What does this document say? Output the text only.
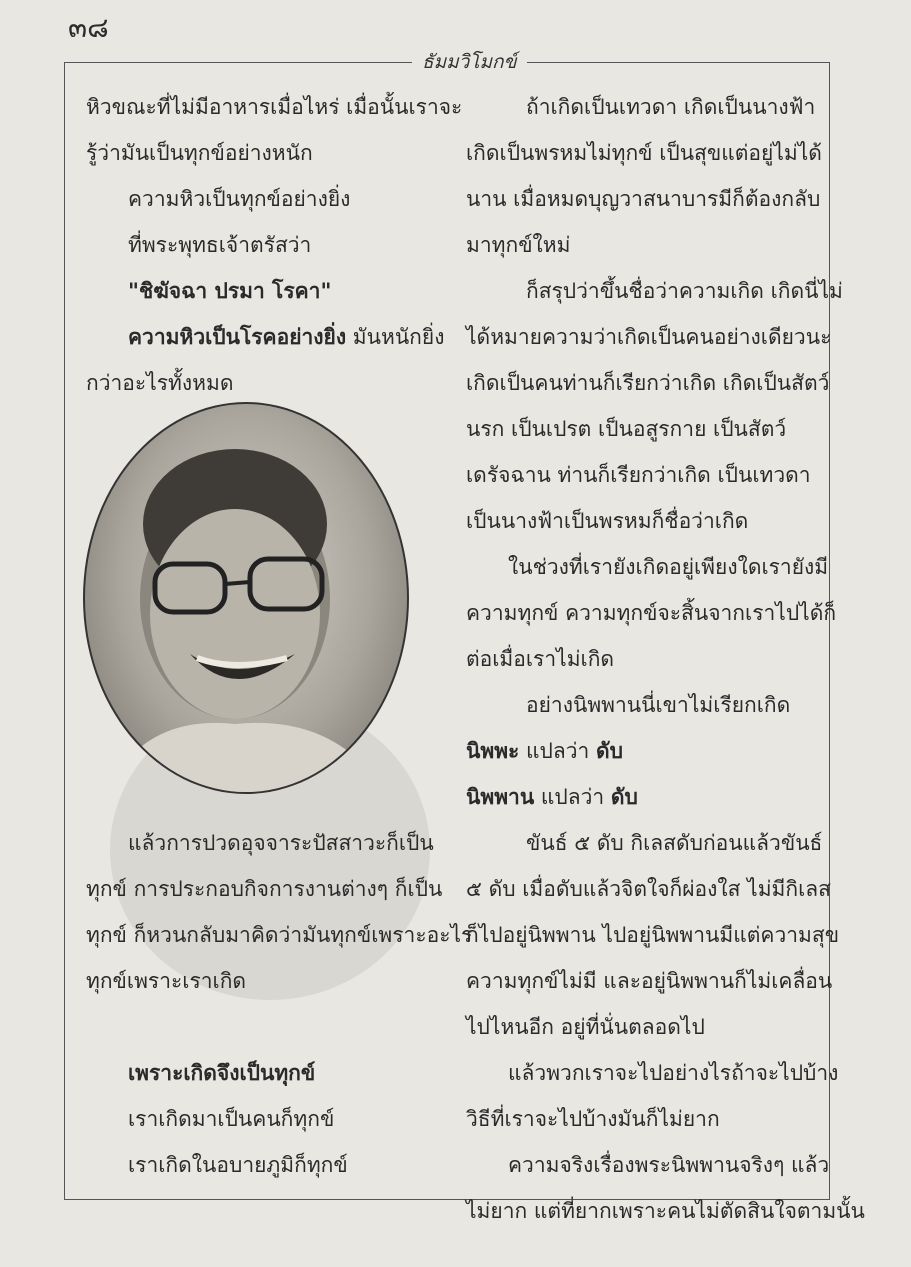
๓๘
ธัมมวิโมกข์

หิวขณะที่ไม่มีอาหารเมื่อไหร่ เมื่อนั้นเราจะ

รู้ว่ามันเป็นทุกข์อย่างหนัก

ความหิวเป็นทุกข์อย่างยิ่ง

ที่พระพุทธเจ้าตรัสว่า

"ชิฆัจฉา ปรมา โรคา"

ความหิวเป็นโรคอย่างยิ่ง มันหนักยิ่ง

กว่าอะไรทั้งหมด

แล้วการปวดอุจจาระปัสสาวะก็เป็น

ทุกข์ การประกอบกิจการงานต่างๆ ก็เป็น

ทุกข์ ก็หวนกลับมาคิดว่ามันทุกข์เพราะอะไร

ทุกข์เพราะเราเกิด

เพราะเกิดจึงเป็นทุกข์

เราเกิดมาเป็นคนก็ทุกข์

เราเกิดในอบายภูมิก็ทุกข์

ถ้าเกิดเป็นเทวดา เกิดเป็นนางฟ้า

เกิดเป็นพรหมไม่ทุกข์ เป็นสุขแต่อยู่ไม่ได้

นาน เมื่อหมดบุญวาสนาบารมีก็ต้องกลับ

มาทุกข์ใหม่

ก็สรุปว่าขึ้นชื่อว่าความเกิด เกิดนี่ไม่

ได้หมายความว่าเกิดเป็นคนอย่างเดียวนะ

เกิดเป็นคนท่านก็เรียกว่าเกิด เกิดเป็นสัตว์

นรก เป็นเปรต เป็นอสูรกาย เป็นสัตว์

เดรัจฉาน ท่านก็เรียกว่าเกิด เป็นเทวดา

เป็นนางฟ้าเป็นพรหมก็ชื่อว่าเกิด

ในช่วงที่เรายังเกิดอยู่เพียงใดเรายังมี

ความทุกข์ ความทุกข์จะสิ้นจากเราไปได้ก็

ต่อเมื่อเราไม่เกิด

อย่างนิพพานนี่เขาไม่เรียกเกิด

นิพพะ แปลว่า ดับ

นิพพาน แปลว่า ดับ

ขันธ์ ๕ ดับ กิเลสดับก่อนแล้วขันธ์

๕ ดับ เมื่อดับแล้วจิตใจก็ผ่องใส ไม่มีกิเลส

ก็ไปอยู่นิพพาน ไปอยู่นิพพานมีแต่ความสุข

ความทุกข์ไม่มี และอยู่นิพพานก็ไม่เคลื่อน

ไปไหนอีก อยู่ที่นั่นตลอดไป

แล้วพวกเราจะไปอย่างไรถ้าจะไปบ้าง

วิธีที่เราจะไปบ้างมันก็ไม่ยาก

ความจริงเรื่องพระนิพพานจริงๆ แล้ว

ไม่ยาก แต่ที่ยากเพราะคนไม่ตัดสินใจตามนั้น
